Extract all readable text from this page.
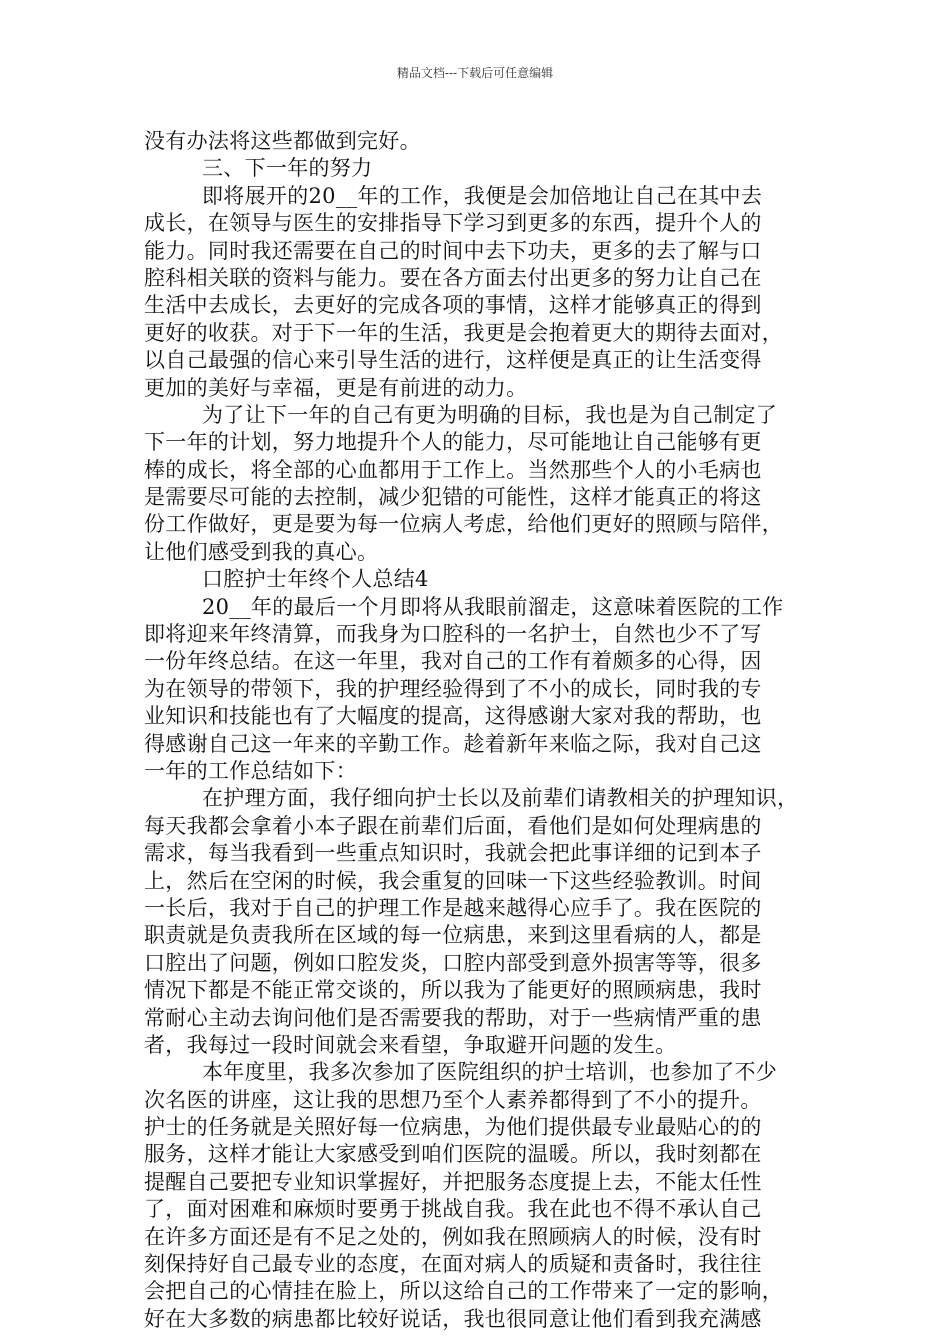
精品文档---下载后可任意编辑
没有办法将这些都做到完好。
三、下一年的努力
即将展开的20__年的工作，我便是会加倍地让自己在其中去
成长，在领导与医生的安排指导下学习到更多的东西，提升个人的
能力。同时我还需要在自己的时间中去下功夫，更多的去了解与口
腔科相关联的资料与能力。要在各方面去付出更多的努力让自己在
生活中去成长，去更好的完成各项的事情，这样才能够真正的得到
更好的收获。对于下一年的生活，我更是会抱着更大的期待去面对，
以自己最强的信心来引导生活的进行，这样便是真正的让生活变得
更加的美好与幸福，更是有前进的动力。
为了让下一年的自己有更为明确的目标，我也是为自己制定了
下一年的计划，努力地提升个人的能力，尽可能地让自己能够有更
棒的成长，将全部的心血都用于工作上。当然那些个人的小毛病也
是需要尽可能的去控制，减少犯错的可能性，这样才能真正的将这
份工作做好，更是要为每一位病人考虑，给他们更好的照顾与陪伴，
让他们感受到我的真心。
口腔护士年终个人总结4
20__年的最后一个月即将从我眼前溜走，这意味着医院的工作
即将迎来年终清算，而我身为口腔科的一名护士，自然也少不了写
一份年终总结。在这一年里，我对自己的工作有着颇多的心得，因
为在领导的带领下，我的护理经验得到了不小的成长，同时我的专
业知识和技能也有了大幅度的提高，这得感谢大家对我的帮助，也
得感谢自己这一年来的辛勤工作。趁着新年来临之际，我对自己这
一年的工作总结如下：
在护理方面，我仔细向护士长以及前辈们请教相关的护理知识，
每天我都会拿着小本子跟在前辈们后面，看他们是如何处理病患的
需求，每当我看到一些重点知识时，我就会把此事详细的记到本子
上，然后在空闲的时候，我会重复的回味一下这些经验教训。时间
一长后，我对于自己的护理工作是越来越得心应手了。我在医院的
职责就是负责我所在区域的每一位病患，来到这里看病的人，都是
口腔出了问题，例如口腔发炎，口腔内部受到意外损害等等，很多
情况下都是不能正常交谈的，所以我为了能更好的照顾病患，我时
常耐心主动去询问他们是否需要我的帮助，对于一些病情严重的患
者，我每过一段时间就会来看望，争取避开问题的发生。
本年度里，我多次参加了医院组织的护士培训，也参加了不少
次名医的讲座，这让我的思想乃至个人素养都得到了不小的提升。
护士的任务就是关照好每一位病患，为他们提供最专业最贴心的的
服务，这样才能让大家感受到咱们医院的温暖。所以，我时刻都在
提醒自己要把专业知识掌握好，并把服务态度提上去，不能太任性
了，面对困难和麻烦时要勇于挑战自我。我在此也不得不承认自己
在许多方面还是有不足之处的，例如我在照顾病人的时候，没有时
刻保持好自己最专业的态度，在面对病人的质疑和责备时，我往往
会把自己的心情挂在脸上，所以这给自己的工作带来了一定的影响，
好在大多数的病患都比较好说话，我也很同意让他们看到我充满感
